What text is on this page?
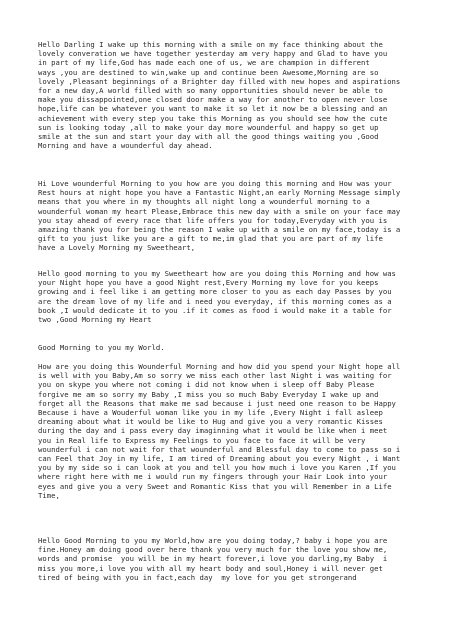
Hello Darling I wake up this morning with a smile on my face thinking about the
lovely converation we have together yesterday am very happy and Glad to have you
in part of my life,God has made each one of us, we are champion in different
ways ,you are destined to win,wake up and continue been Awesome,Morning are so
lovely ,Pleasant beginnings of a Brighter day filled with new hopes and aspirations
for a new day,A world filled with so many opportunities should never be able to
make you dissappointed,one closed door make a way for another to open never lose
hope,life can be whatever you want to make it so let it now be a blessing and an
achievement with every step you take this Morning as you should see how the cute
sun is looking today ,all to make your day more wounderful and happy so get up
smile at the sun and start your day with all the good things waiting you ,Good
Morning and have a wounderful day ahead.

Hi Love wounderful Morning to you how are you doing this morning and How was your
Rest hours at night hope you have a Fantastic Night,an early Morning Message simply
means that you where in my thoughts all night long a wounderful morning to a
wounderful woman my heart Please,Embrace this new day with a smile on your face may
you stay ahead of every race that life offers you for today,Everyday with you is
amazing thank you for being the reason I wake up with a smile on my face,today is a
gift to you just like you are a gift to me,im glad that you are part of my life
have a Lovely Morning my Sweetheart,

Hello good morning to you my Sweetheart how are you doing this Morning and how was
your Night hope you have a good Night rest,Every Morning my love for you keeps
growing and i feel like i am getting more closer to you as each day Passes by you
are the dream love of my life and i need you everyday, if this morning comes as a
book ,I would dedicate it to you .if it comes as food i would make it a table for
two ,Good Morning my Heart

Good Morning to you my World.

How are you doing this Wounderful Morning and how did you spend your Night hope all
is well with you Baby,Am so sorry we miss each other last Night i was waiting for
you on skype you where not coming i did not know when i sleep off Baby Please
forgive me am so sorry my Baby ,I miss you so much Baby Everyday I wake up and
forget all the Reasons that make me sad because i just need one reason to be Happy
Because i have a Wouderful woman like you in my life ,Every Night i fall asleep
dreaming about what it would be like to Hug and give you a very romantic Kisses
during the day and i pass every day imaginning what it would be like when i meet
you in Real life to Express my Feelings to you face to face it will be very
wounderful i can not wait for that wounderful and Blessful day to come to pass so i
can Feel that Joy in my life, I am tired of Dreaming about you every Night , i Want
you by my side so i can look at you and tell you how much i love you Karen ,If you
where right here with me i would run my fingers through your Hair Look into your
eyes and give you a very Sweet and Romantic Kiss that you will Remember in a Life
Time,

Hello Good Morning to you my World,how are you doing today,? baby i hope you are
fine.Honey am doing good over here thank you very much for the love you show me,
words and promise  you will be in my heart forever,i love you darling,my Baby  i
miss you more,i love you with all my heart body and soul,Honey i will never get
tired of being with you in fact,each day  my love for you get strongerand
